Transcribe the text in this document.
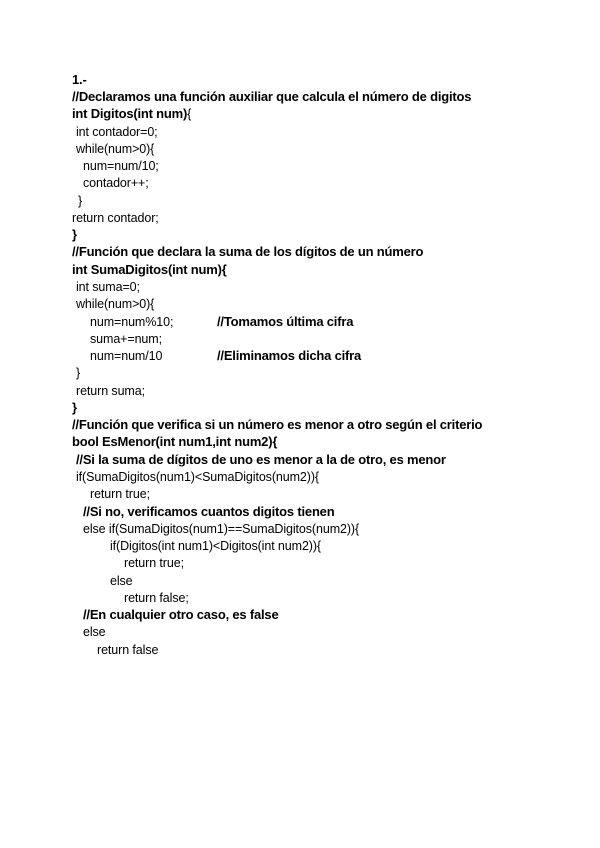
1.-
//Declaramos una función auxiliar que calcula el número de digitos
int Digitos(int num){
int contador=0;
while(num>0){
num=num/10;
contador++;
}
return contador;
}
//Función que declara la suma de los dígitos de un número
int SumaDigitos(int num){
int suma=0;
while(num>0){
num=num%10;	//Tomamos última cifra
suma+=num;
num=num/10	//Eliminamos dicha cifra
}
return suma;
}
//Función que verifica si un número es menor a otro según el criterio
bool EsMenor(int num1,int num2){
//Si la suma de dígitos de uno es menor a la de otro, es menor
if(SumaDigitos(num1)<SumaDigitos(num2)){
return true;
//Si no, verificamos cuantos digitos tienen
else if(SumaDigitos(num1)==SumaDigitos(num2)){
if(Digitos(int num1)<Digitos(int num2)){
return true;
else
return false;
//En cualquier otro caso, es false
else
return false
